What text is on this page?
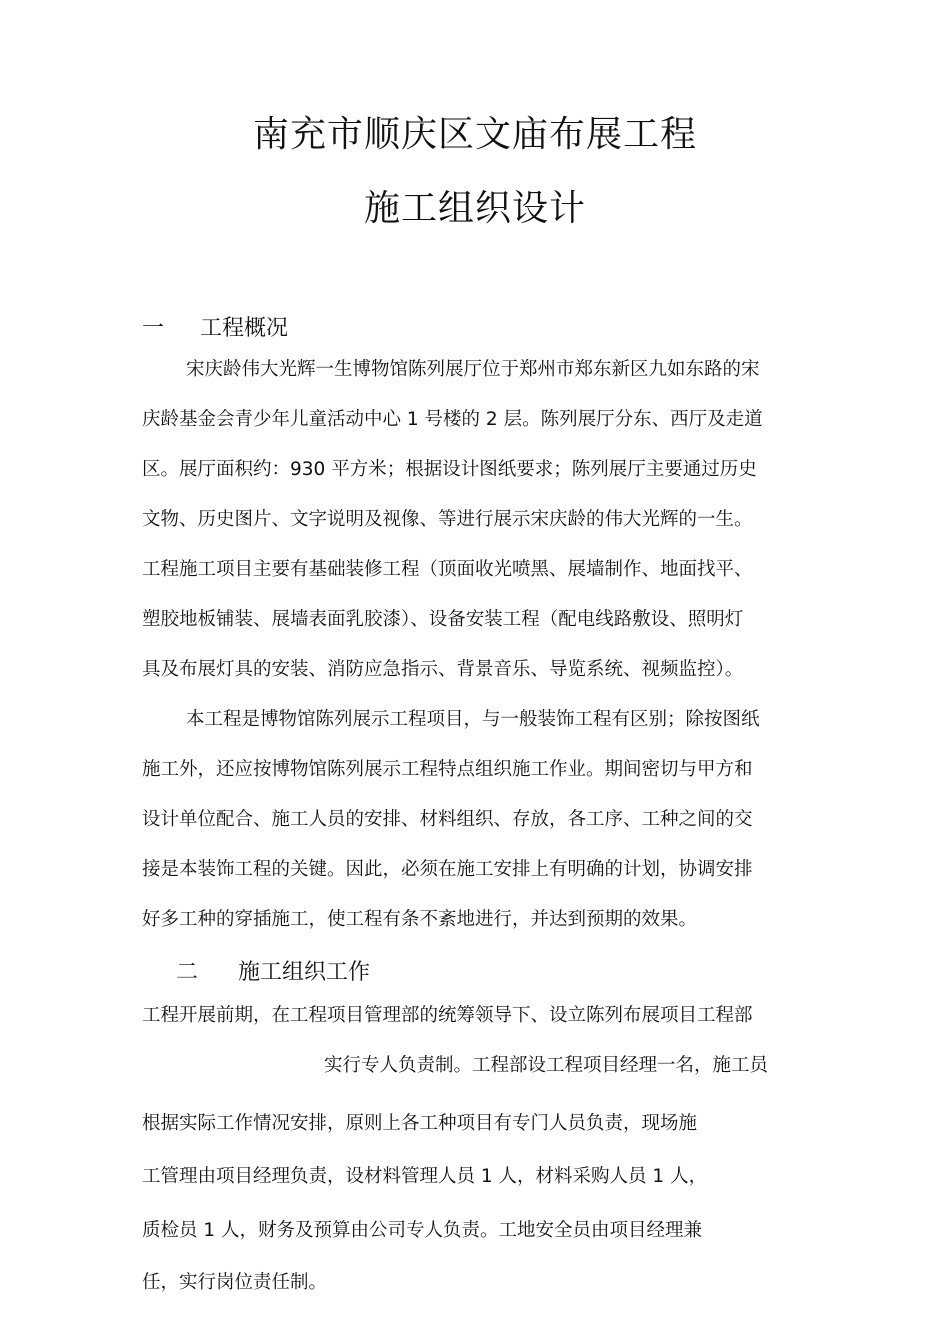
南充市顺庆区文庙布展工程
施工组织设计
一 工程概况

宋庆龄伟大光辉一生博物馆陈列展厅位于郑州市郑东新区九如东路的宋

庆龄基金会青少年儿童活动中心 1 号楼的 2 层。陈列展厅分东、西厅及走道

区。展厅面积约：930 平方米；根据设计图纸要求；陈列展厅主要通过历史

文物、历史图片、文字说明及视像、等进行展示宋庆龄的伟大光辉的一生。

工程施工项目主要有基础装修工程（顶面收光喷黑、展墙制作、地面找平、

塑胶地板铺装、展墙表面乳胶漆）、设备安装工程（配电线路敷设、照明灯

具及布展灯具的安装、消防应急指示、背景音乐、导览系统、视频监控）。

本工程是博物馆陈列展示工程项目，与一般装饰工程有区别；除按图纸

施工外，还应按博物馆陈列展示工程特点组织施工作业。期间密切与甲方和

设计单位配合、施工人员的安排、材料组织、存放，各工序、工种之间的交

接是本装饰工程的关键。因此，必须在施工安排上有明确的计划，协调安排

好多工种的穿插施工，使工程有条不紊地进行，并达到预期的效果。

二 施工组织工作

工程开展前期，在工程项目管理部的统筹领导下、设立陈列布展项目工程部

实行专人负责制。工程部设工程项目经理一名，施工员

根据实际工作情况安排，原则上各工种项目有专门人员负责，现场施

工管理由项目经理负责，设材料管理人员 1 人，材料采购人员 1 人，

质检员 1 人，财务及预算由公司专人负责。工地安全员由项目经理兼

任，实行岗位责任制。
